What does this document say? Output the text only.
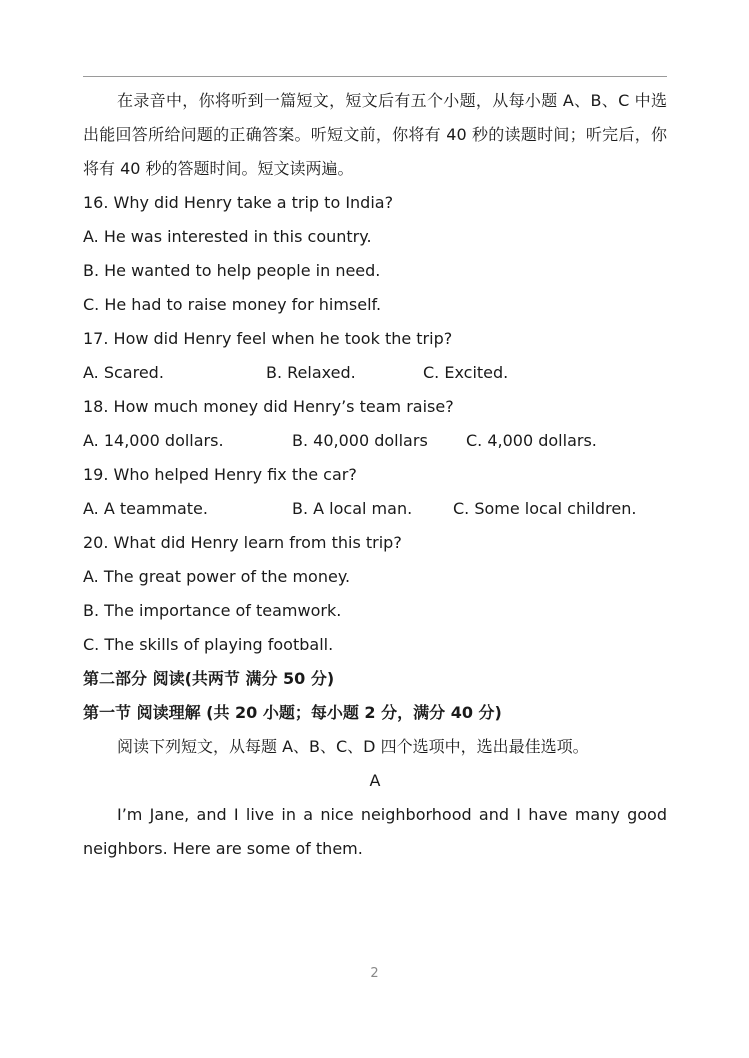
在录音中，你将听到一篇短文，短文后有五个小题，从每小题 A、B、C 中选出能回答所给问题的正确答案。听短文前，你将有 40 秒的读题时间；听完后，你将有 40 秒的答题时间。短文读两遍。
16. Why did Henry take a trip to India?
A. He was interested in this country.
B. He wanted to help people in need.
C. He had to raise money for himself.
17. How did Henry feel when he took the trip?
A. Scared.	B. Relaxed.	C. Excited.
18. How much money did Henry’s team raise?
A. 14,000 dollars.	B. 40,000 dollars	C. 4,000 dollars.
19. Who helped Henry fix the car?
A. A teammate.	B. A local man.	C. Some local children.
20. What did Henry learn from this trip?
A. The great power of the money.
B. The importance of teamwork.
C. The skills of playing football.
第二部分 阅读(共两节 满分 50 分)
第一节 阅读理解 (共 20 小题；每小题 2 分，满分 40 分)
阅读下列短文，从每题 A、B、C、D 四个选项中，选出最佳选项。
A
I’m Jane, and I live in a nice neighborhood and I have many good neighbors. Here are some of them.
2
